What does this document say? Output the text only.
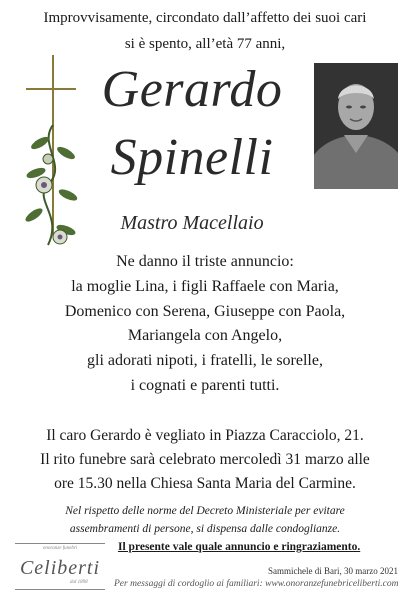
Improvvisamente, circondato dall’affetto dei suoi cari
si è spento, all’età 77 anni,
Gerardo
Spinelli
Mastro Macellaio
Ne danno il triste annuncio:
la moglie Lina, i figli Raffaele con Maria,
Domenico con Serena, Giuseppe con Paola,
Mariangela con Angelo,
gli adorati nipoti, i fratelli, le sorelle,
i cognati e parenti tutti.
Il caro Gerardo è vegliato in Piazza Caracciolo, 21.
Il rito funebre sarà celebrato mercoledì 31 marzo alle
ore 15.30 nella Chiesa Santa Maria del Carmine.
Nel rispetto delle norme del Decreto Ministeriale per evitare
assembramenti di persone, si dispensa dalle condoglianze.
Il presente vale quale annuncio e ringraziamento.
onoranze funebri
Celiberti
dal 1898
Sammichele di Bari, 30 marzo 2021
Per messaggi di cordoglio ai familiari: www.onoranzefunebriceliberti.com
